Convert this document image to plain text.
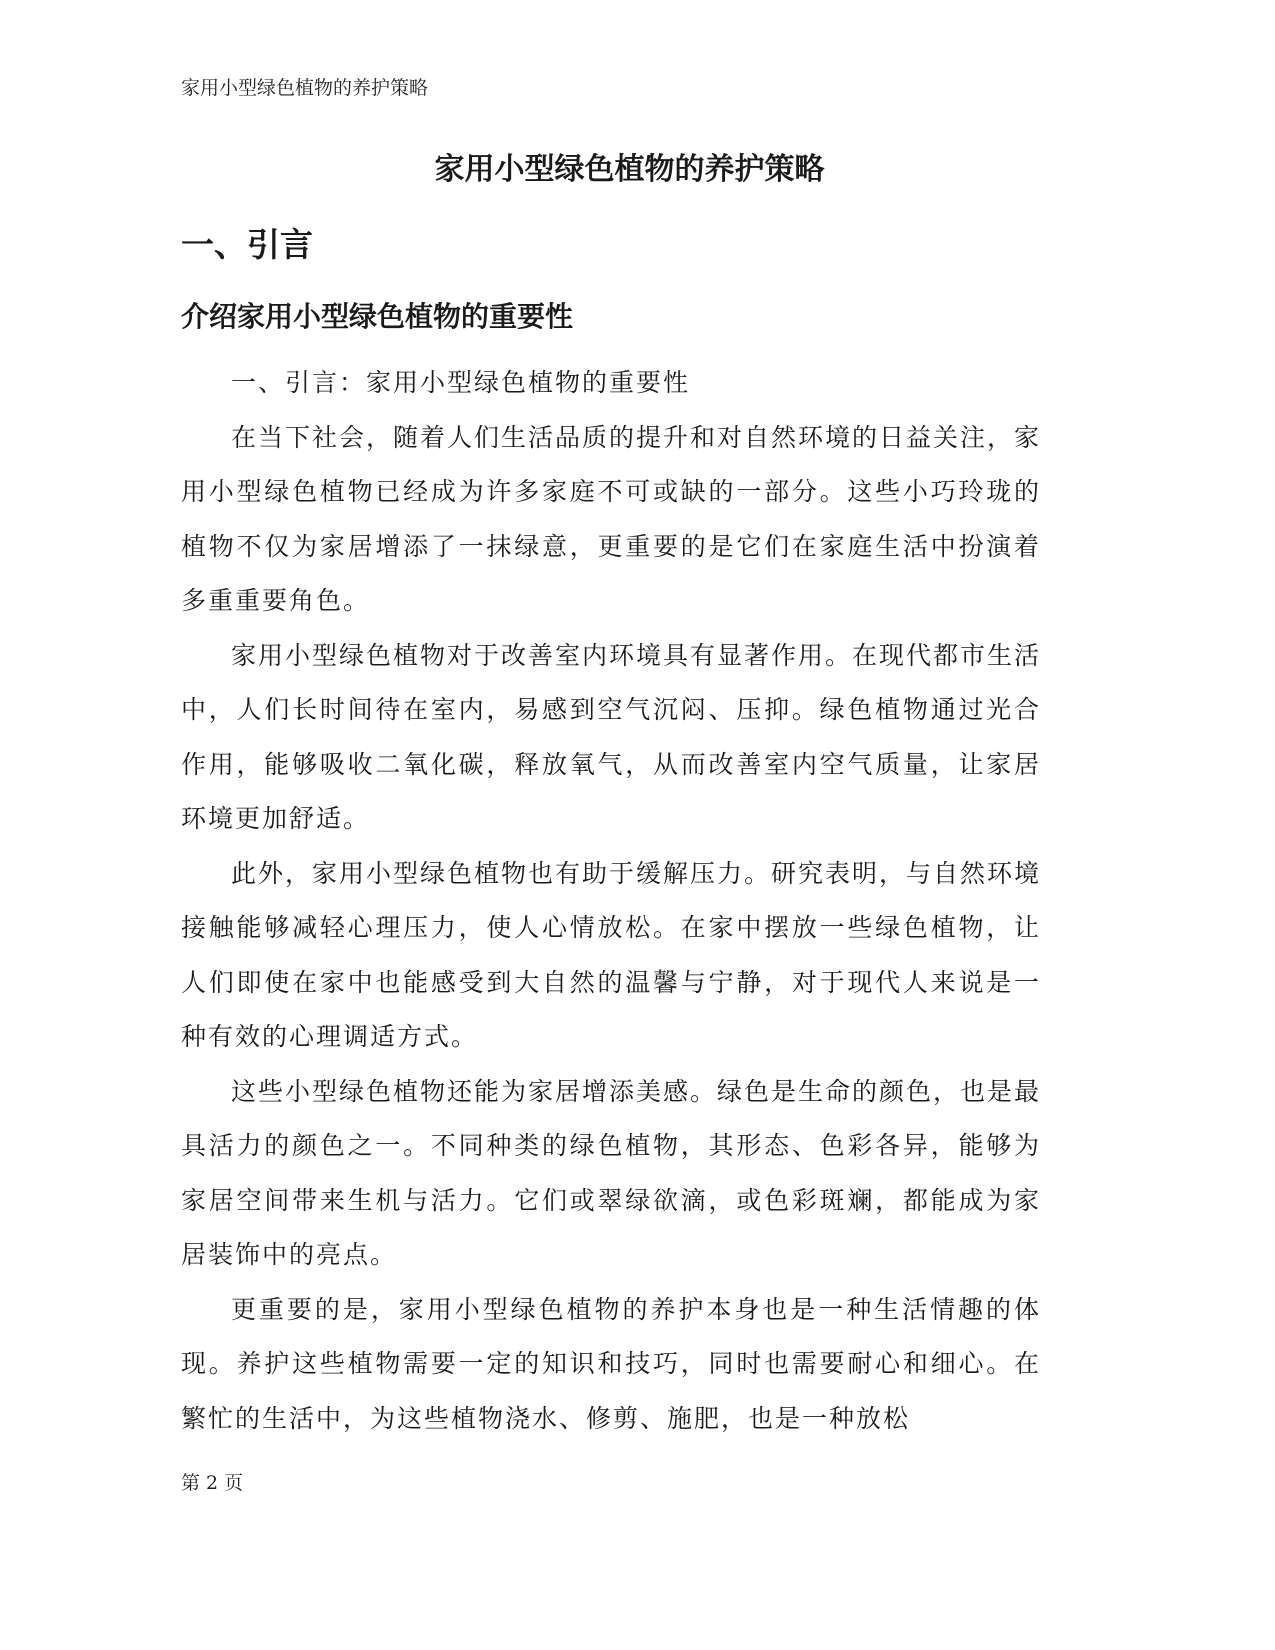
家用小型绿色植物的养护策略
家用小型绿色植物的养护策略
一、引言
介绍家用小型绿色植物的重要性

一、引言：家用小型绿色植物的重要性

在当下社会，随着人们生活品质的提升和对自然环境的日益关注，家用小型绿色植物已经成为许多家庭不可或缺的一部分。这些小巧玲珑的植物不仅为家居增添了一抹绿意，更重要的是它们在家庭生活中扮演着多重重要角色。

家用小型绿色植物对于改善室内环境具有显著作用。在现代都市生活中，人们长时间待在室内，易感到空气沉闷、压抑。绿色植物通过光合作用，能够吸收二氧化碳，释放氧气，从而改善室内空气质量，让家居环境更加舒适。

此外，家用小型绿色植物也有助于缓解压力。研究表明，与自然环境接触能够减轻心理压力，使人心情放松。在家中摆放一些绿色植物，让人们即使在家中也能感受到大自然的温馨与宁静，对于现代人来说是一种有效的心理调适方式。

这些小型绿色植物还能为家居增添美感。绿色是生命的颜色，也是最具活力的颜色之一。不同种类的绿色植物，其形态、色彩各异，能够为家居空间带来生机与活力。它们或翠绿欲滴，或色彩斑斓，都能成为家居装饰中的亮点。

更重要的是，家用小型绿色植物的养护本身也是一种生活情趣的体现。养护这些植物需要一定的知识和技巧，同时也需要耐心和细心。在繁忙的生活中，为这些植物浇水、修剪、施肥，也是一种放松

第 2 页
